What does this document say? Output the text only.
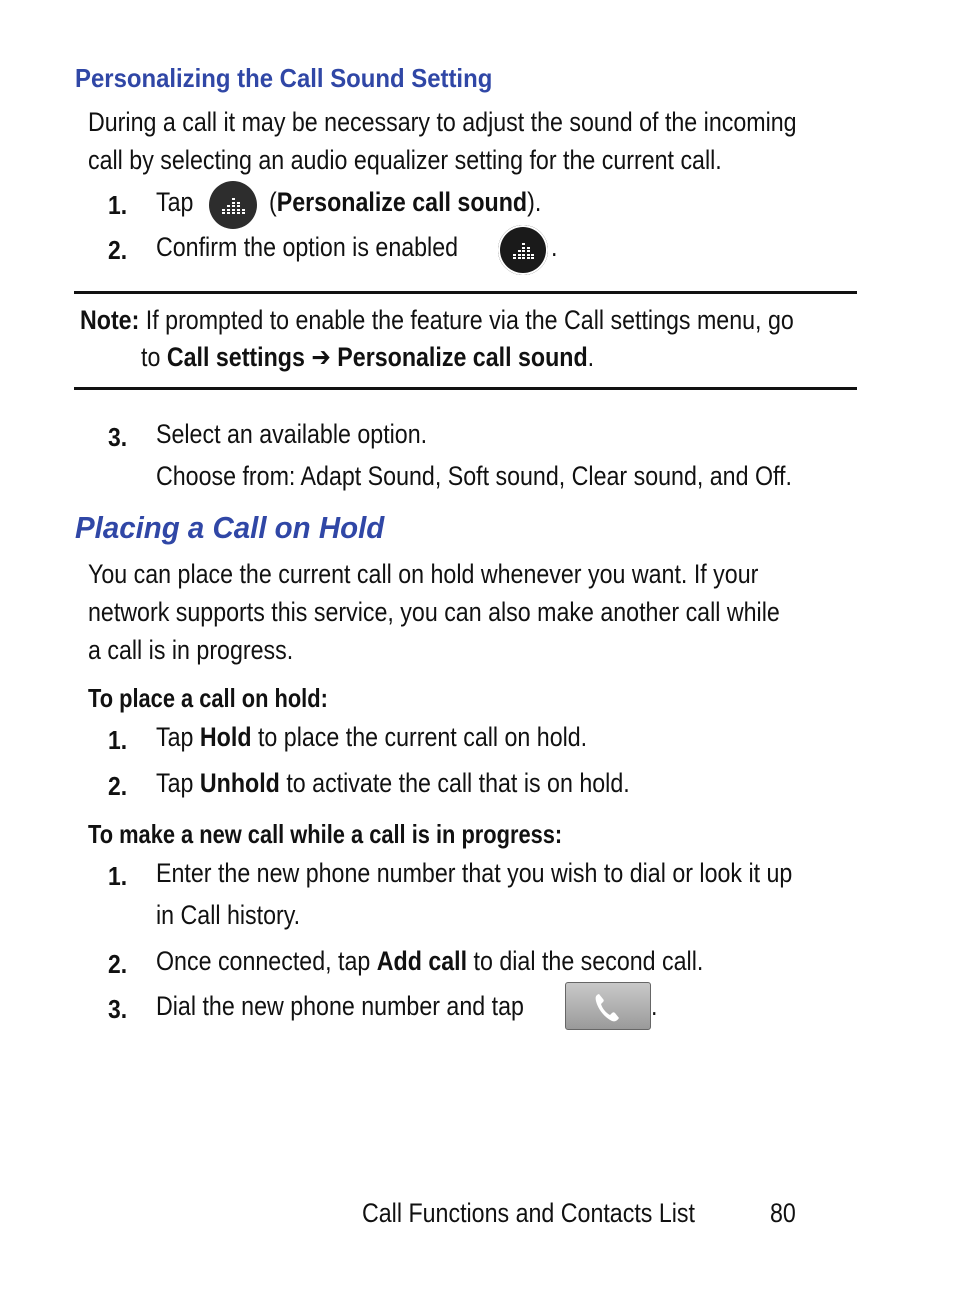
Personalizing the Call Sound Setting
During a call it may be necessary to adjust the sound of the incoming
call by selecting an audio equalizer setting for the current call.
1. Tap	(Personalize call sound).
2. Confirm the option is enabled	.
Note: If prompted to enable the feature via the Call settings menu, go
to Call settings ➔ Personalize call sound.
3. Select an available option.
Choose from: Adapt Sound, Soft sound, Clear sound, and Off.
Placing a Call on Hold
You can place the current call on hold whenever you want. If your
network supports this service, you can also make another call while
a call is in progress.
To place a call on hold:
1. Tap Hold to place the current call on hold.
2. Tap Unhold to activate the call that is on hold.
To make a new call while a call is in progress:
1. Enter the new phone number that you wish to dial or look it up
in Call history.
2. Once connected, tap Add call to dial the second call.
3. Dial the new phone number and tap	.
Call Functions and Contacts List	80
